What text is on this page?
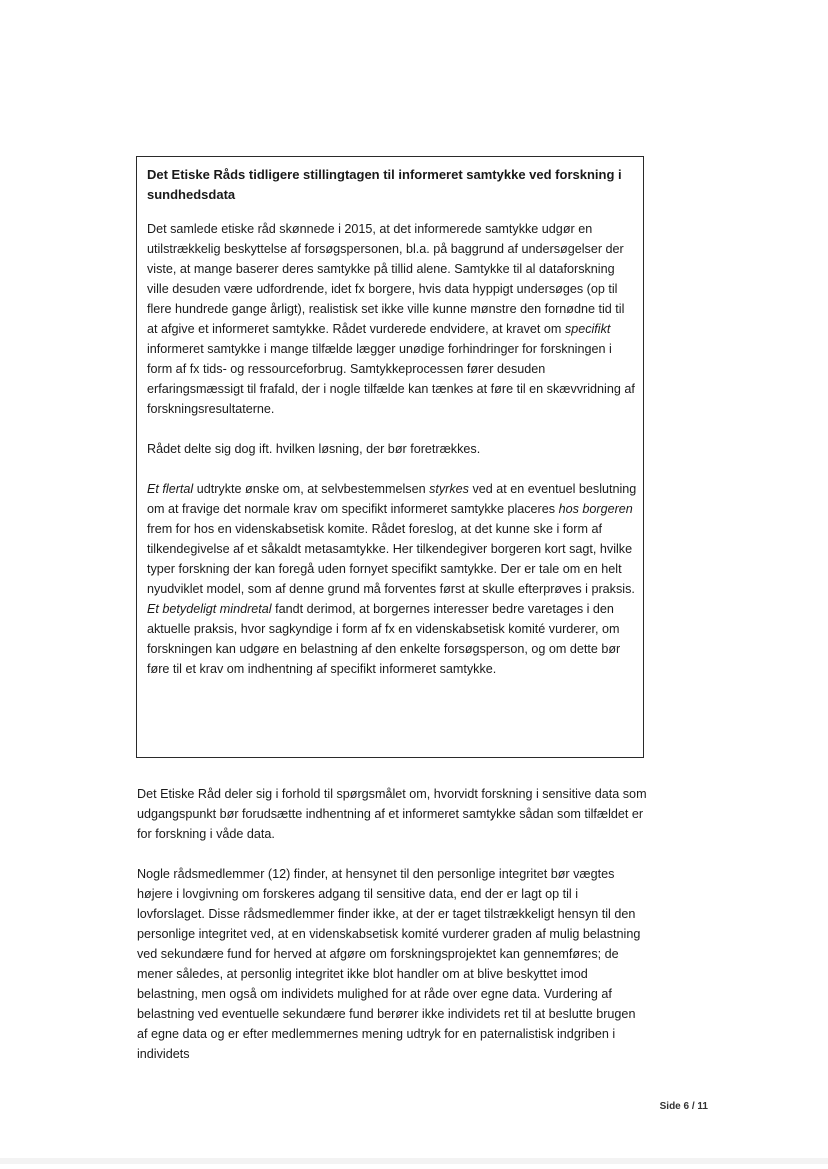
Det Etiske Råds tidligere stillingtagen til informeret samtykke ved forskning i sundhedsdata
Det samlede etiske råd skønnede i 2015, at det informerede samtykke udgør en utilstrækkelig beskyttelse af forsøgspersonen, bl.a. på baggrund af undersøgelser der viste, at mange baserer deres samtykke på tillid alene. Samtykke til al dataforskning ville desuden være udfordrende, idet fx borgere, hvis data hyppigt undersøges (op til flere hundrede gange årligt), realistisk set ikke ville kunne mønstre den fornødne tid til at afgive et informeret samtykke. Rådet vurderede endvidere, at kravet om specifikt informeret samtykke i mange tilfælde lægger unødige forhindringer for forskningen i form af fx tids- og ressourceforbrug. Samtykkeprocessen fører desuden erfaringsmæssigt til frafald, der i nogle tilfælde kan tænkes at føre til en skævvridning af forskningsresultaterne.
Rådet delte sig dog ift. hvilken løsning, der bør foretrækkes.
Et flertal udtrykte ønske om, at selvbestemmelsen styrkes ved at en eventuel beslutning om at fravige det normale krav om specifikt informeret samtykke placeres hos borgeren frem for hos en videnskabsetisk komite. Rådet foreslog, at det kunne ske i form af tilkendegivelse af et såkaldt metasamtykke. Her tilkendegiver borgeren kort sagt, hvilke typer forskning der kan foregå uden fornyet specifikt samtykke. Der er tale om en helt nyudviklet model, som af denne grund må forventes først at skulle efterprøves i praksis. Et betydeligt mindretal fandt derimod, at borgernes interesser bedre varetages i den aktuelle praksis, hvor sagkyndige i form af fx en videnskabsetisk komité vurderer, om forskningen kan udgøre en belastning af den enkelte forsøgsperson, og om dette bør føre til et krav om indhentning af specifikt informeret samtykke.
Det Etiske Råd deler sig i forhold til spørgsmålet om, hvorvidt forskning i sensitive data som udgangspunkt bør forudsætte indhentning af et informeret samtykke sådan som tilfældet er for forskning i våde data.
Nogle rådsmedlemmer (12) finder, at hensynet til den personlige integritet bør vægtes højere i lovgivning om forskeres adgang til sensitive data, end der er lagt op til i lovforslaget. Disse rådsmedlemmer finder ikke, at der er taget tilstrækkeligt hensyn til den personlige integritet ved, at en videnskabsetisk komité vurderer graden af mulig belastning ved sekundære fund for herved at afgøre om forskningsprojektet kan gennemføres; de mener således, at personlig integritet ikke blot handler om at blive beskyttet imod belastning, men også om individets mulighed for at råde over egne data. Vurdering af belastning ved eventuelle sekundære fund berører ikke individets ret til at beslutte brugen af egne data og er efter medlemmernes mening udtryk for en paternalistisk indgriben i individets
Side 6 / 11
